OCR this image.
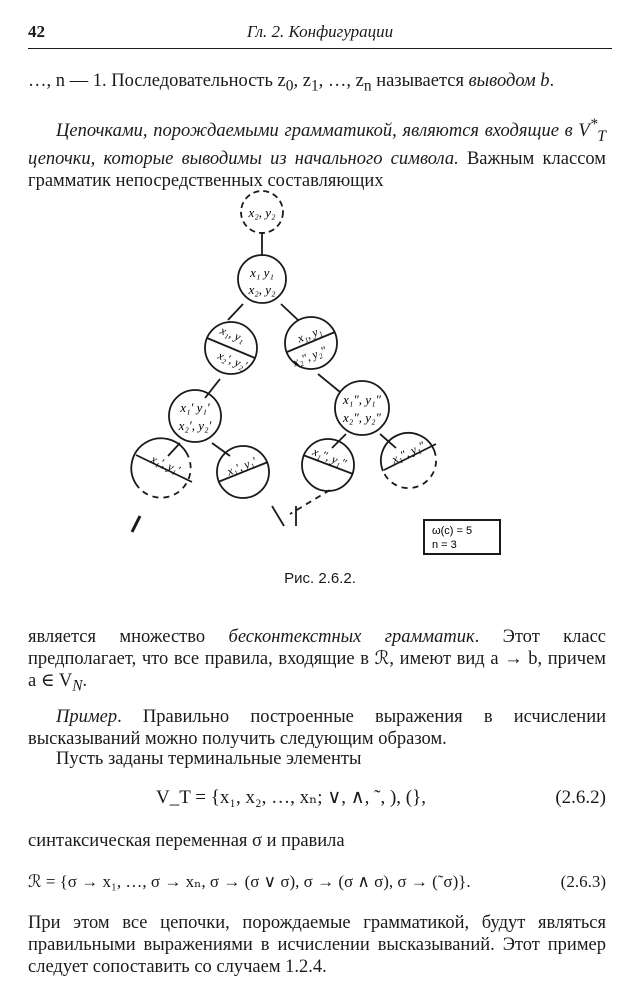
42	Гл. 2. Конфигурации
…, n — 1. Последовательность $z_0$, $z_1$, …, $z_n$ называется выводом b.
Цепочками, порождаемыми грамматикой, являются входящие в $V^*_T$ цепочки, которые выводимы из начального символа. Важным классом грамматик непосредственных составляющих
x₂, y₂
x₁ y₁
x₂, y₂
x₁, y₁
x₂′, y₂′
x₁, y₁
x₂″, y₂″
x₁′ y₁′
x₂′, y₂′
x₁″, y₁″
x₂″, y₂″
x₁′, y₁′	x₁′, y₁′	x₁″, y₁″	x₁″, y₁″
ω(c) = 5
n = 3
Рис. 2.6.2.
является множество бесконтекстных грамматик. Этот класс предполагает, что все правила, входящие в ℛ, имеют вид a → b, причем a ∈ $V_N$.
Пример. Правильно построенные выражения в исчислении высказываний можно получить следующим образом.
Пусть заданы терминальные элементы
V_T = {x₁, x₂, …, xₙ; ∨, ∧, ˜, ), (},	(2.6.2)
синтаксическая переменная σ и правила
ℛ = {σ → x₁, …, σ → xₙ, σ → (σ ∨ σ), σ → (σ ∧ σ), σ → (˜σ)}.	(2.6.3)
При этом все цепочки, порождаемые грамматикой, будут являться правильными выражениями в исчислении высказываний. Этот пример следует сопоставить со случаем 1.2.4.
